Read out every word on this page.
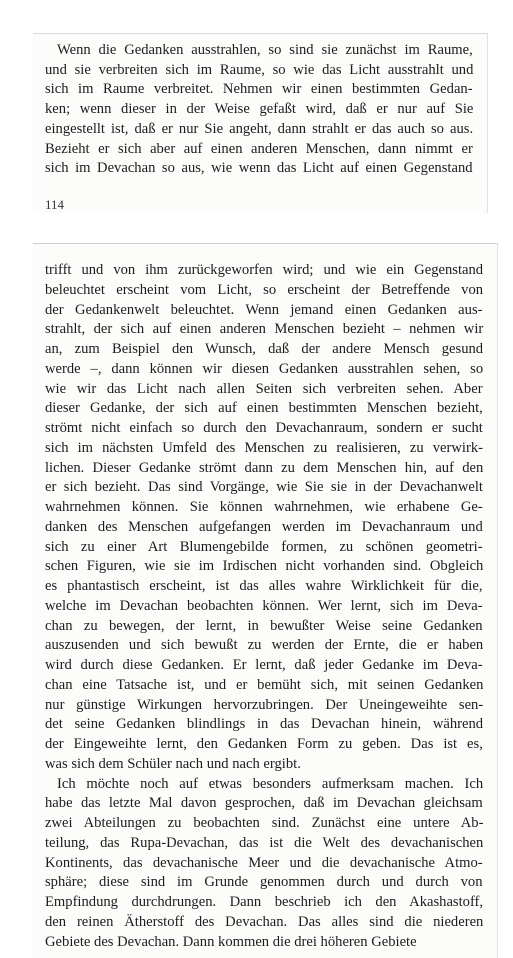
Wenn die Gedanken ausstrahlen, so sind sie zunächst im Raume,
und sie verbreiten sich im Raume, so wie das Licht ausstrahlt und
sich im Raume verbreitet. Nehmen wir einen bestimmten Gedan-
ken; wenn dieser in der Weise gefaßt wird, daß er nur auf Sie
eingestellt ist, daß er nur Sie angeht, dann strahlt er das auch so aus.
Bezieht er sich aber auf einen anderen Menschen, dann nimmt er
sich im Devachan so aus, wie wenn das Licht auf einen Gegenstand
114
trifft und von ihm zurückgeworfen wird; und wie ein Gegenstand
beleuchtet erscheint vom Licht, so erscheint der Betreffende von
der Gedankenwelt beleuchtet. Wenn jemand einen Gedanken aus-
strahlt, der sich auf einen anderen Menschen bezieht – nehmen wir
an, zum Beispiel den Wunsch, daß der andere Mensch gesund
werde –, dann können wir diesen Gedanken ausstrahlen sehen, so
wie wir das Licht nach allen Seiten sich verbreiten sehen. Aber
dieser Gedanke, der sich auf einen bestimmten Menschen bezieht,
strömt nicht einfach so durch den Devachanraum, sondern er sucht
sich im nächsten Umfeld des Menschen zu realisieren, zu verwirk-
lichen. Dieser Gedanke strömt dann zu dem Menschen hin, auf den
er sich bezieht. Das sind Vorgänge, wie Sie sie in der Devachanwelt
wahrnehmen können. Sie können wahrnehmen, wie erhabene Ge-
danken des Menschen aufgefangen werden im Devachanraum und
sich zu einer Art Blumengebilde formen, zu schönen geometri-
schen Figuren, wie sie im Irdischen nicht vorhanden sind. Obgleich
es phantastisch erscheint, ist das alles wahre Wirklichkeit für die,
welche im Devachan beobachten können. Wer lernt, sich im Deva-
chan zu bewegen, der lernt, in bewußter Weise seine Gedanken
auszusenden und sich bewußt zu werden der Ernte, die er haben
wird durch diese Gedanken. Er lernt, daß jeder Gedanke im Deva-
chan eine Tatsache ist, und er bemüht sich, mit seinen Gedanken
nur günstige Wirkungen hervorzubringen. Der Uneingeweihte sen-
det seine Gedanken blindlings in das Devachan hinein, während
der Eingeweihte lernt, den Gedanken Form zu geben. Das ist es,
was sich dem Schüler nach und nach ergibt.
Ich möchte noch auf etwas besonders aufmerksam machen. Ich
habe das letzte Mal davon gesprochen, daß im Devachan gleichsam
zwei Abteilungen zu beobachten sind. Zunächst eine untere Ab-
teilung, das Rupa-Devachan, das ist die Welt des devachanischen
Kontinents, das devachanische Meer und die devachanische Atmo-
sphäre; diese sind im Grunde genommen durch und durch von
Empfindung durchdrungen. Dann beschrieb ich den Akashastoff,
den reinen Ätherstoff des Devachan. Das alles sind die niederen
Gebiete des Devachan. Dann kommen die drei höheren Gebiete
